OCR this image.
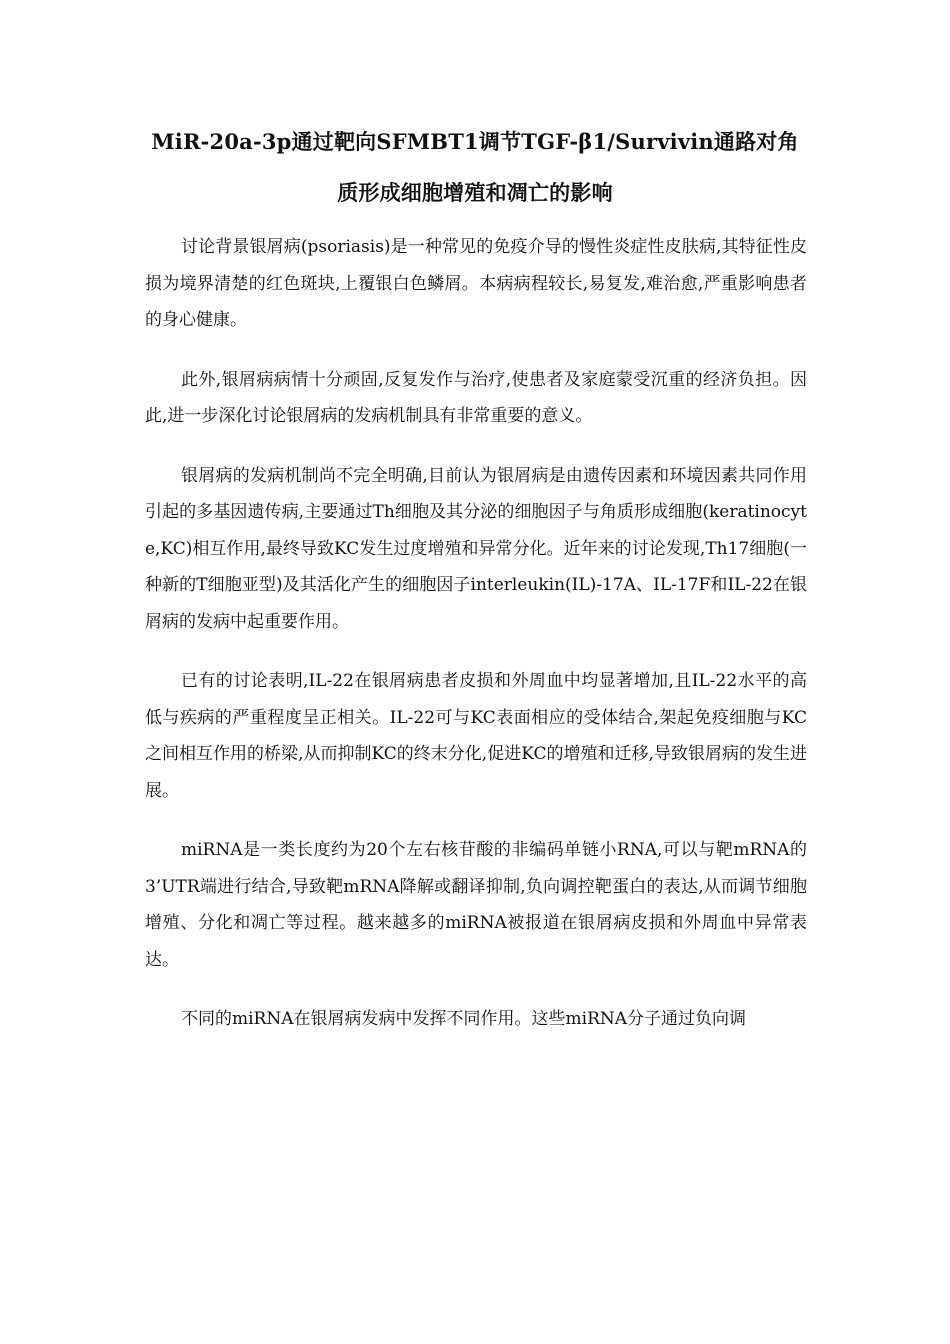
MiR-20a-3p通过靶向SFMBT1调节TGF-β1/Survivin通路对角
质形成细胞增殖和凋亡的影响

讨论背景银屑病(psoriasis)是一种常见的免疫介导的慢性炎症性皮肤病,其特征性皮损为境界清楚的红色斑块,上覆银白色鳞屑。本病病程较长,易复发,难治愈,严重影响患者的身心健康。

此外,银屑病病情十分顽固,反复发作与治疗,使患者及家庭蒙受沉重的经济负担。因此,进一步深化讨论银屑病的发病机制具有非常重要的意义。

银屑病的发病机制尚不完全明确,目前认为银屑病是由遗传因素和环境因素共同作用引起的多基因遗传病,主要通过Th细胞及其分泌的细胞因子与角质形成细胞(keratinocyte,KC)相互作用,最终导致KC发生过度增殖和异常分化。近年来的讨论发现,Th17细胞(一种新的T细胞亚型)及其活化产生的细胞因子interleukin(IL)-17A、IL-17F和IL-22在银屑病的发病中起重要作用。

已有的讨论表明,IL-22在银屑病患者皮损和外周血中均显著增加,且IL-22水平的高低与疾病的严重程度呈正相关。IL-22可与KC表面相应的受体结合,架起免疫细胞与KC之间相互作用的桥梁,从而抑制KC的终末分化,促进KC的增殖和迁移,导致银屑病的发生进展。

miRNA是一类长度约为20个左右核苷酸的非编码单链小RNA,可以与靶mRNA的3’UTR端进行结合,导致靶mRNA降解或翻译抑制,负向调控靶蛋白的表达,从而调节细胞增殖、分化和凋亡等过程。越来越多的miRNA被报道在银屑病皮损和外周血中异常表达。

不同的miRNA在银屑病发病中发挥不同作用。这些miRNA分子通过负向调
